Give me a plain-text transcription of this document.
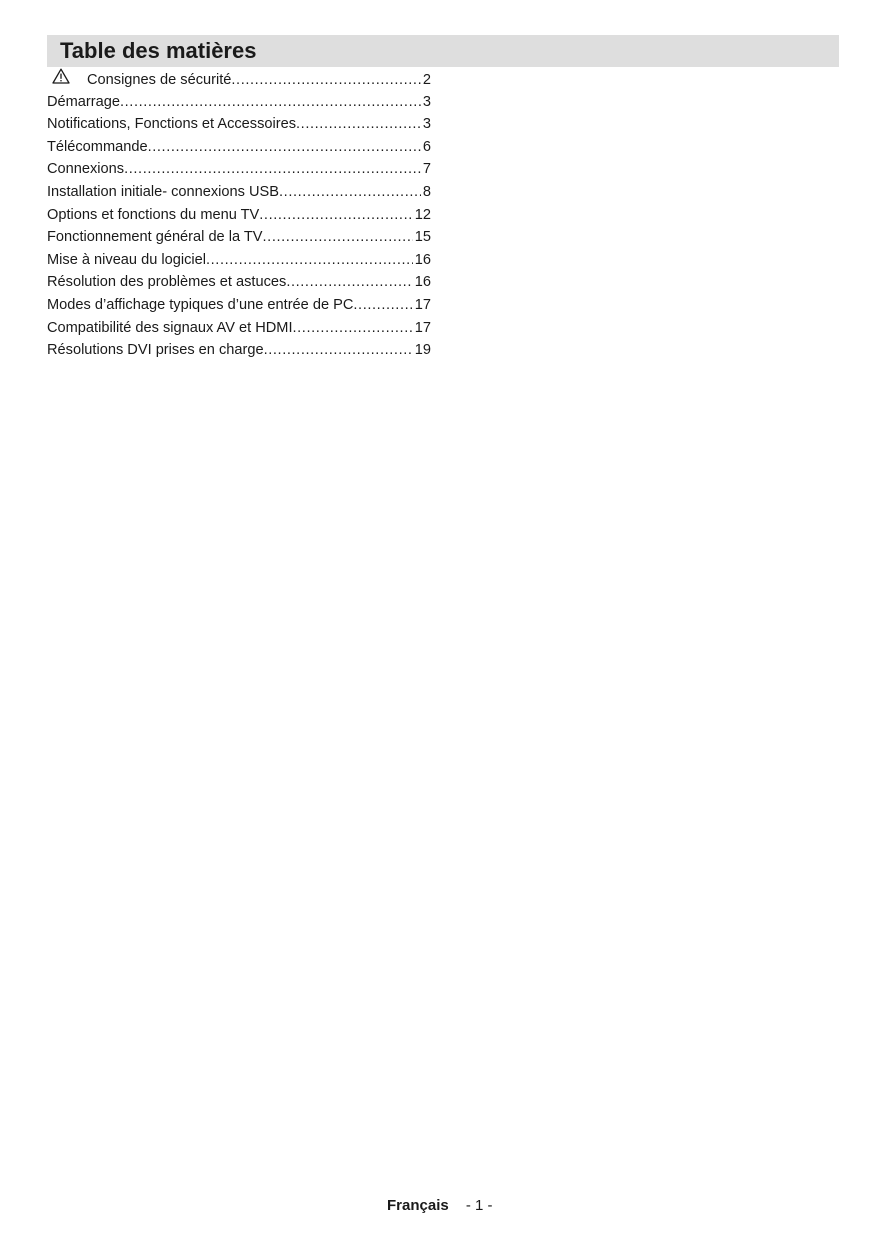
Table des matières
Consignes de sécurité .....	2
Démarrage .....	3
Notifications, Fonctions et Accessoires .....	3
Télécommande .....	6
Connexions .....	7
Installation initiale- connexions USB .....	8
Options et fonctions du menu TV .....	12
Fonctionnement général de la TV .....	15
Mise à niveau du logiciel .....	16
Résolution des problèmes et astuces .....	16
Modes d’affichage typiques d’une entrée de PC .....	17
Compatibilité des signaux AV et HDMI .....	17
Résolutions DVI prises en charge .....	19
Français - 1 -
